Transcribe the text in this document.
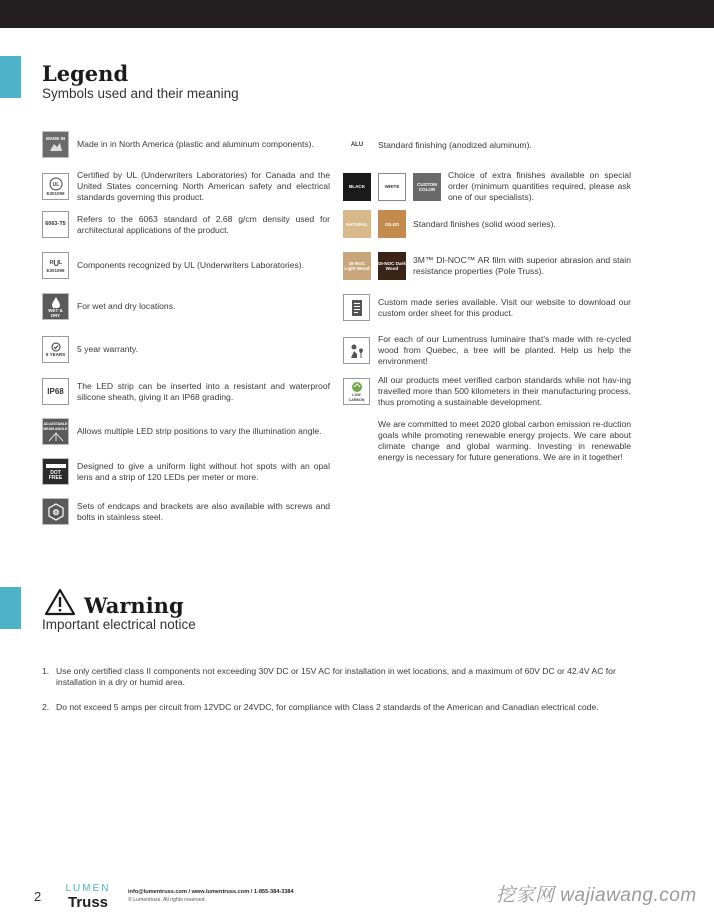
Legend
Symbols used and their meaning
MADE IN
Made in in North America (plastic and aluminum components).
UL
E301099
Certified by UL (Underwriters Laboratories) for Canada and the United States concerning North American safety and electrical standards governing this product.
6063-T5
Refers to the 6063 standard of 2.68 g/cm density used for architectural applications of the product.
ᴿUᴸ
E301099
Components recognized by UL (Underwriters Laboratories).
WET & DRY
For wet and dry locations.
5 YEARS
5 year warranty.
IP68
The LED strip can be inserted into a resistant and waterproof silicone sheath, giving it an IP68 grading.
ADJUSTABLE BEAM ANGLE Allows multiple LED strip positions to vary the illumination angle.
DOT FREE
Designed to give a uniform light without hot spots with an opal lens and a strip of 120 LEDs per meter or more.
⚙
Sets of endcaps and brackets are also available with screws and bolts in stainless steel.
ALU	Standard finishing (anodized aluminum).
BLACK	WHITE	CUSTOM COLOR
Choice of extra finishes available on special order (minimum quantities required, please ask one of our specialists).
NATURAL	OILED	Standard finishes (solid wood series).
DI-NOC Light Wood
DI-NOC Dark Wood
3M™ DI-NOC™ AR film with superior abrasion and stain resistance properties (Pole Truss).
Custom made series available. Visit our website to download our custom order sheet for this product.
For each of our Lumentruss luminaire that's made with re-cycled wood from Quebec, a tree will be planted. Help us help the environment!
LOW CARBON
All our products meet verified carbon standards while not hav-ing travelled more than 500 kilometers in their manufacturing process, thus promoting a sustainable development.
We are committed to meet 2020 global carbon emission re-duction goals while promoting renewable energy projects. We care about climate change and global warming. Investing in renewable energy is necessary for future generations. We are in it together!
Warning
Important electrical notice
1. Use only certified class II components not exceeding 30V DC or 15V AC for installation in wet locations, and a maximum of 60V DC or 42.4V AC for installation in a dry or humid area.
2. Do not exceed 5 amps per circuit from 12VDC or 24VDC, for compliance with Class 2 standards of the American and Canadian electrical code.
2
LUMEN
Truss
info@lumentruss.com / www.lumentruss.com / 1-855-384-3384
© Lumentruss. All rights reserved.	挖家网 wajiawang.com
